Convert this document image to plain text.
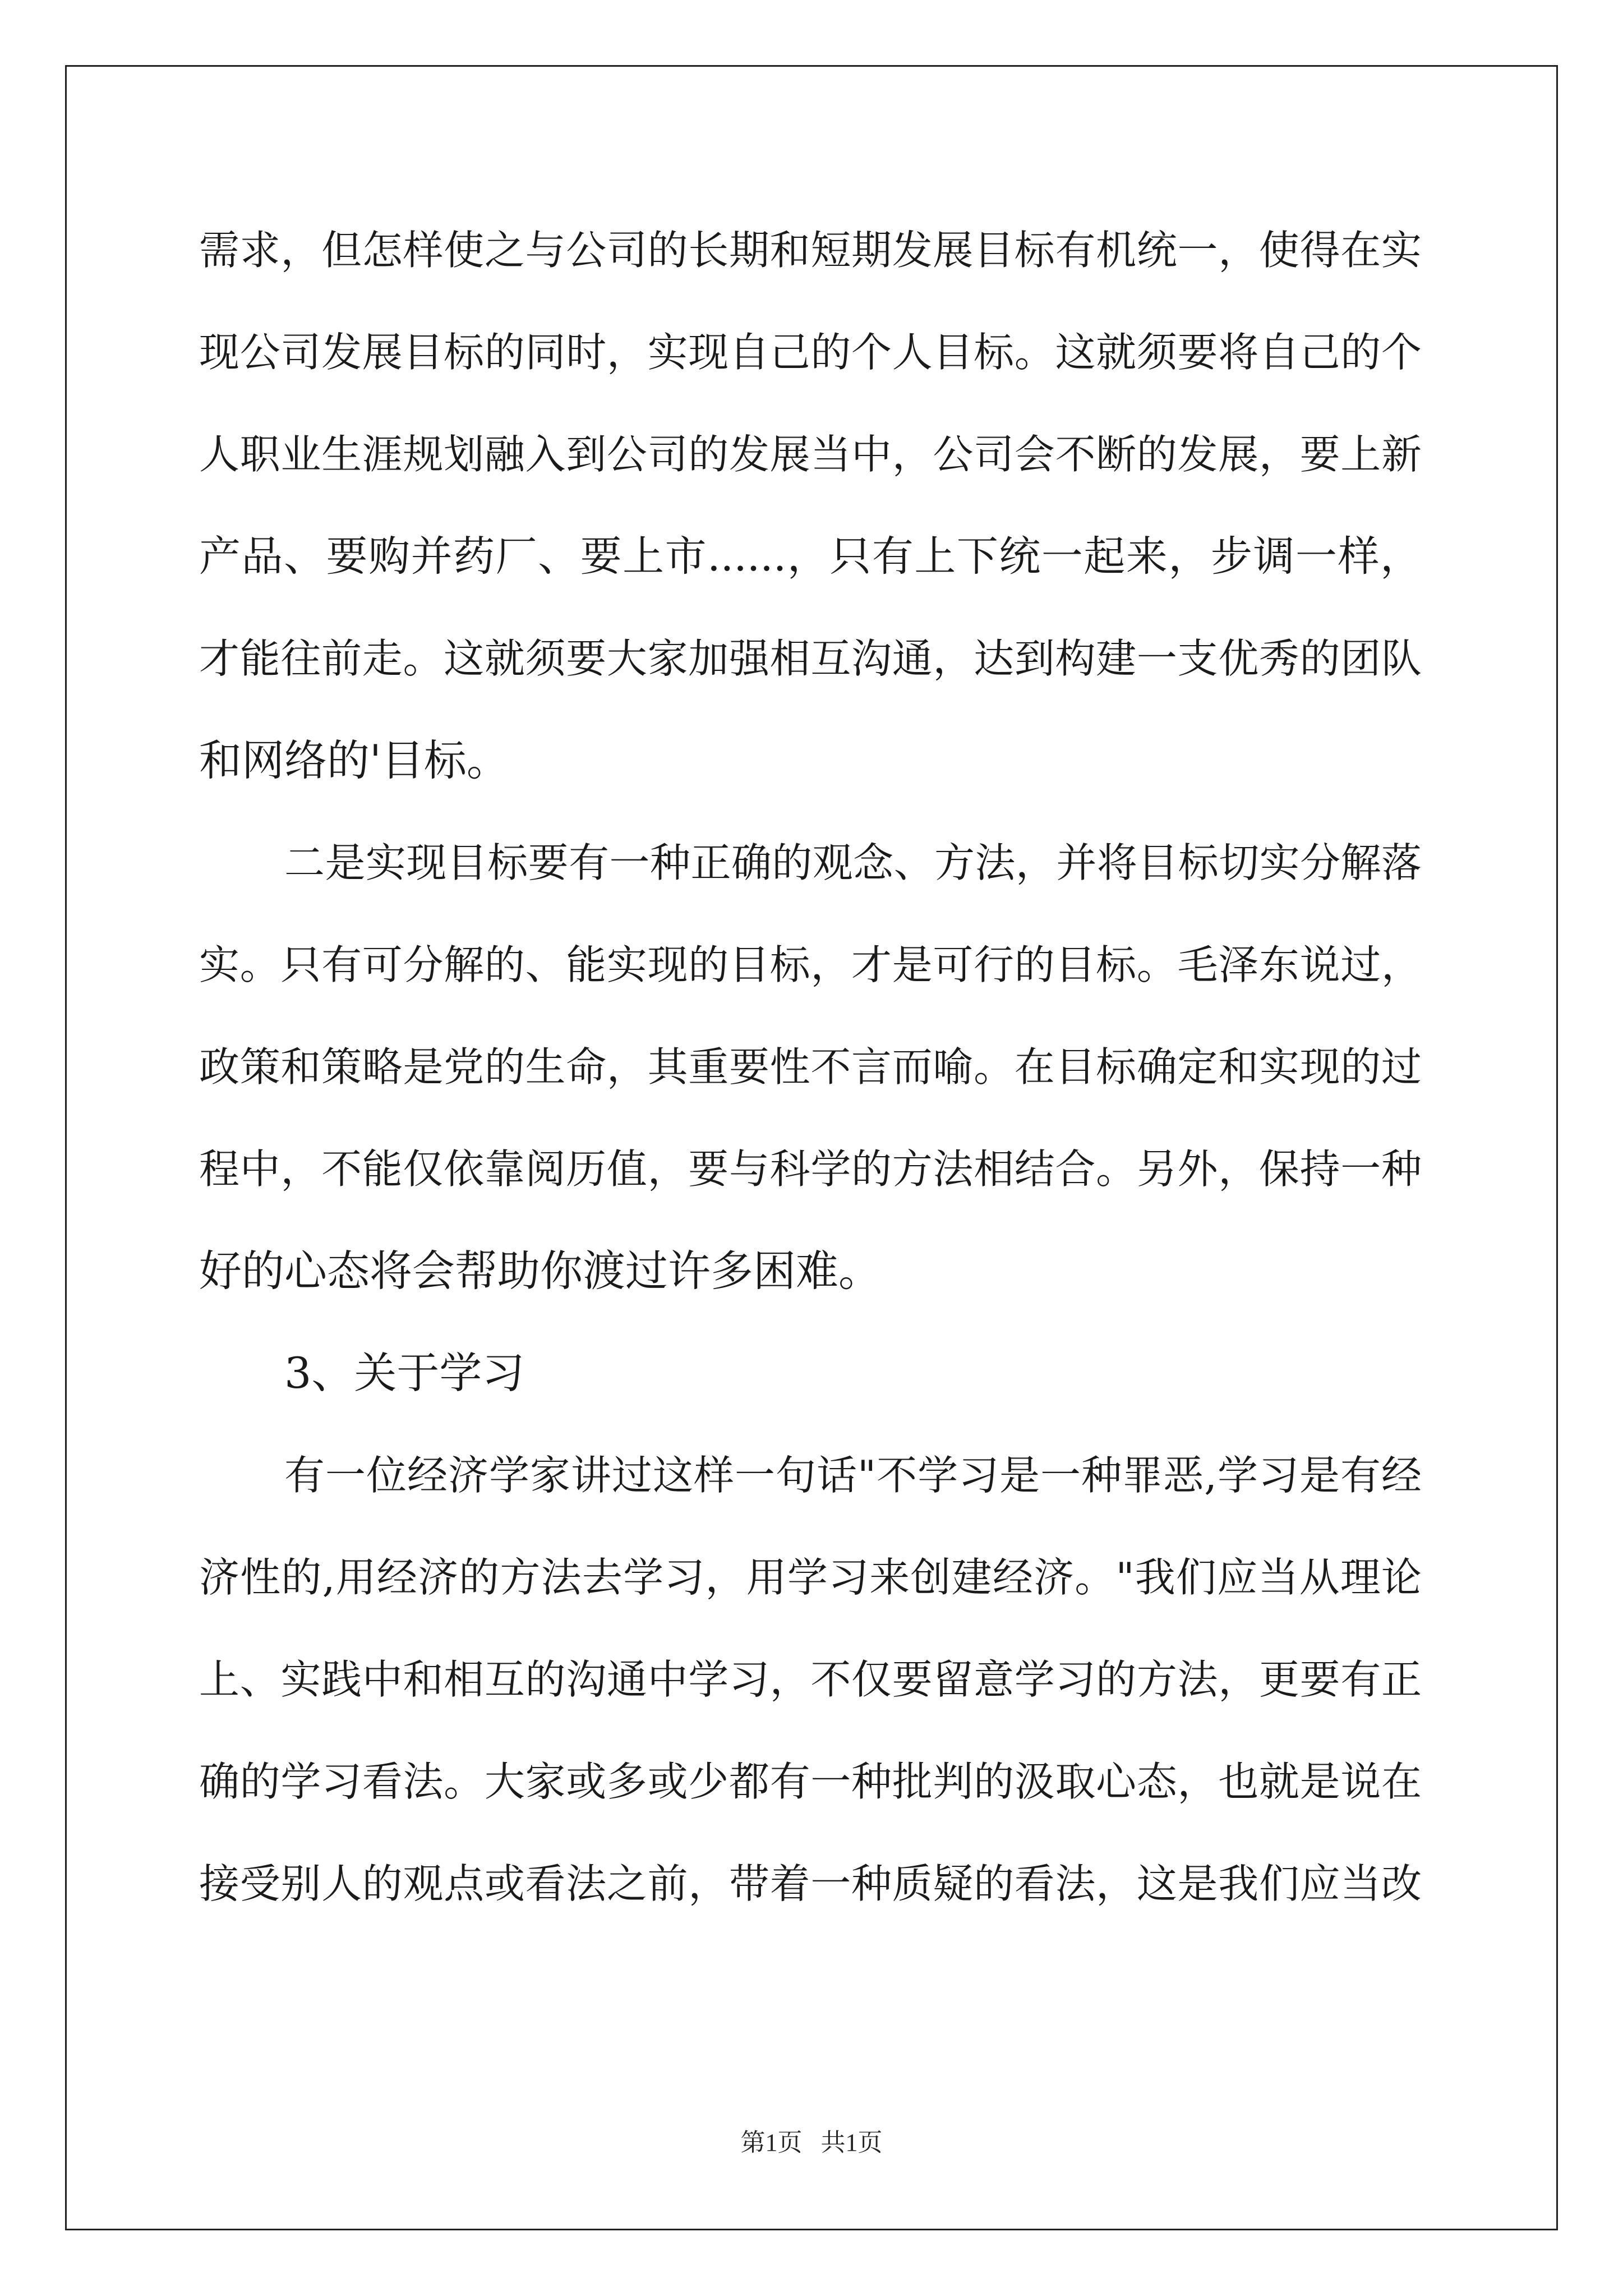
需求，但怎样使之与公司的长期和短期发展目标有机统一，使得在实
现公司发展目标的同时，实现自己的个人目标。这就须要将自己的个
人职业生涯规划融入到公司的发展当中，公司会不断的发展，要上新
产品、要购并药厂、要上市......，只有上下统一起来，步调一样，
才能往前走。这就须要大家加强相互沟通，达到构建一支优秀的团队
和网络的'目标。
二是实现目标要有一种正确的观念、方法，并将目标切实分解落
实。只有可分解的、能实现的目标，才是可行的目标。毛泽东说过，
政策和策略是党的生命，其重要性不言而喻。在目标确定和实现的过
程中，不能仅依靠阅历值，要与科学的方法相结合。另外，保持一种
好的心态将会帮助你渡过许多困难。
3、关于学习
有一位经济学家讲过这样一句话"不学习是一种罪恶,学习是有经
济性的,用经济的方法去学习，用学习来创建经济。"我们应当从理论
上、实践中和相互的沟通中学习，不仅要留意学习的方法，更要有正
确的学习看法。大家或多或少都有一种批判的汲取心态，也就是说在
接受别人的观点或看法之前，带着一种质疑的看法，这是我们应当改
第1页 共1页
